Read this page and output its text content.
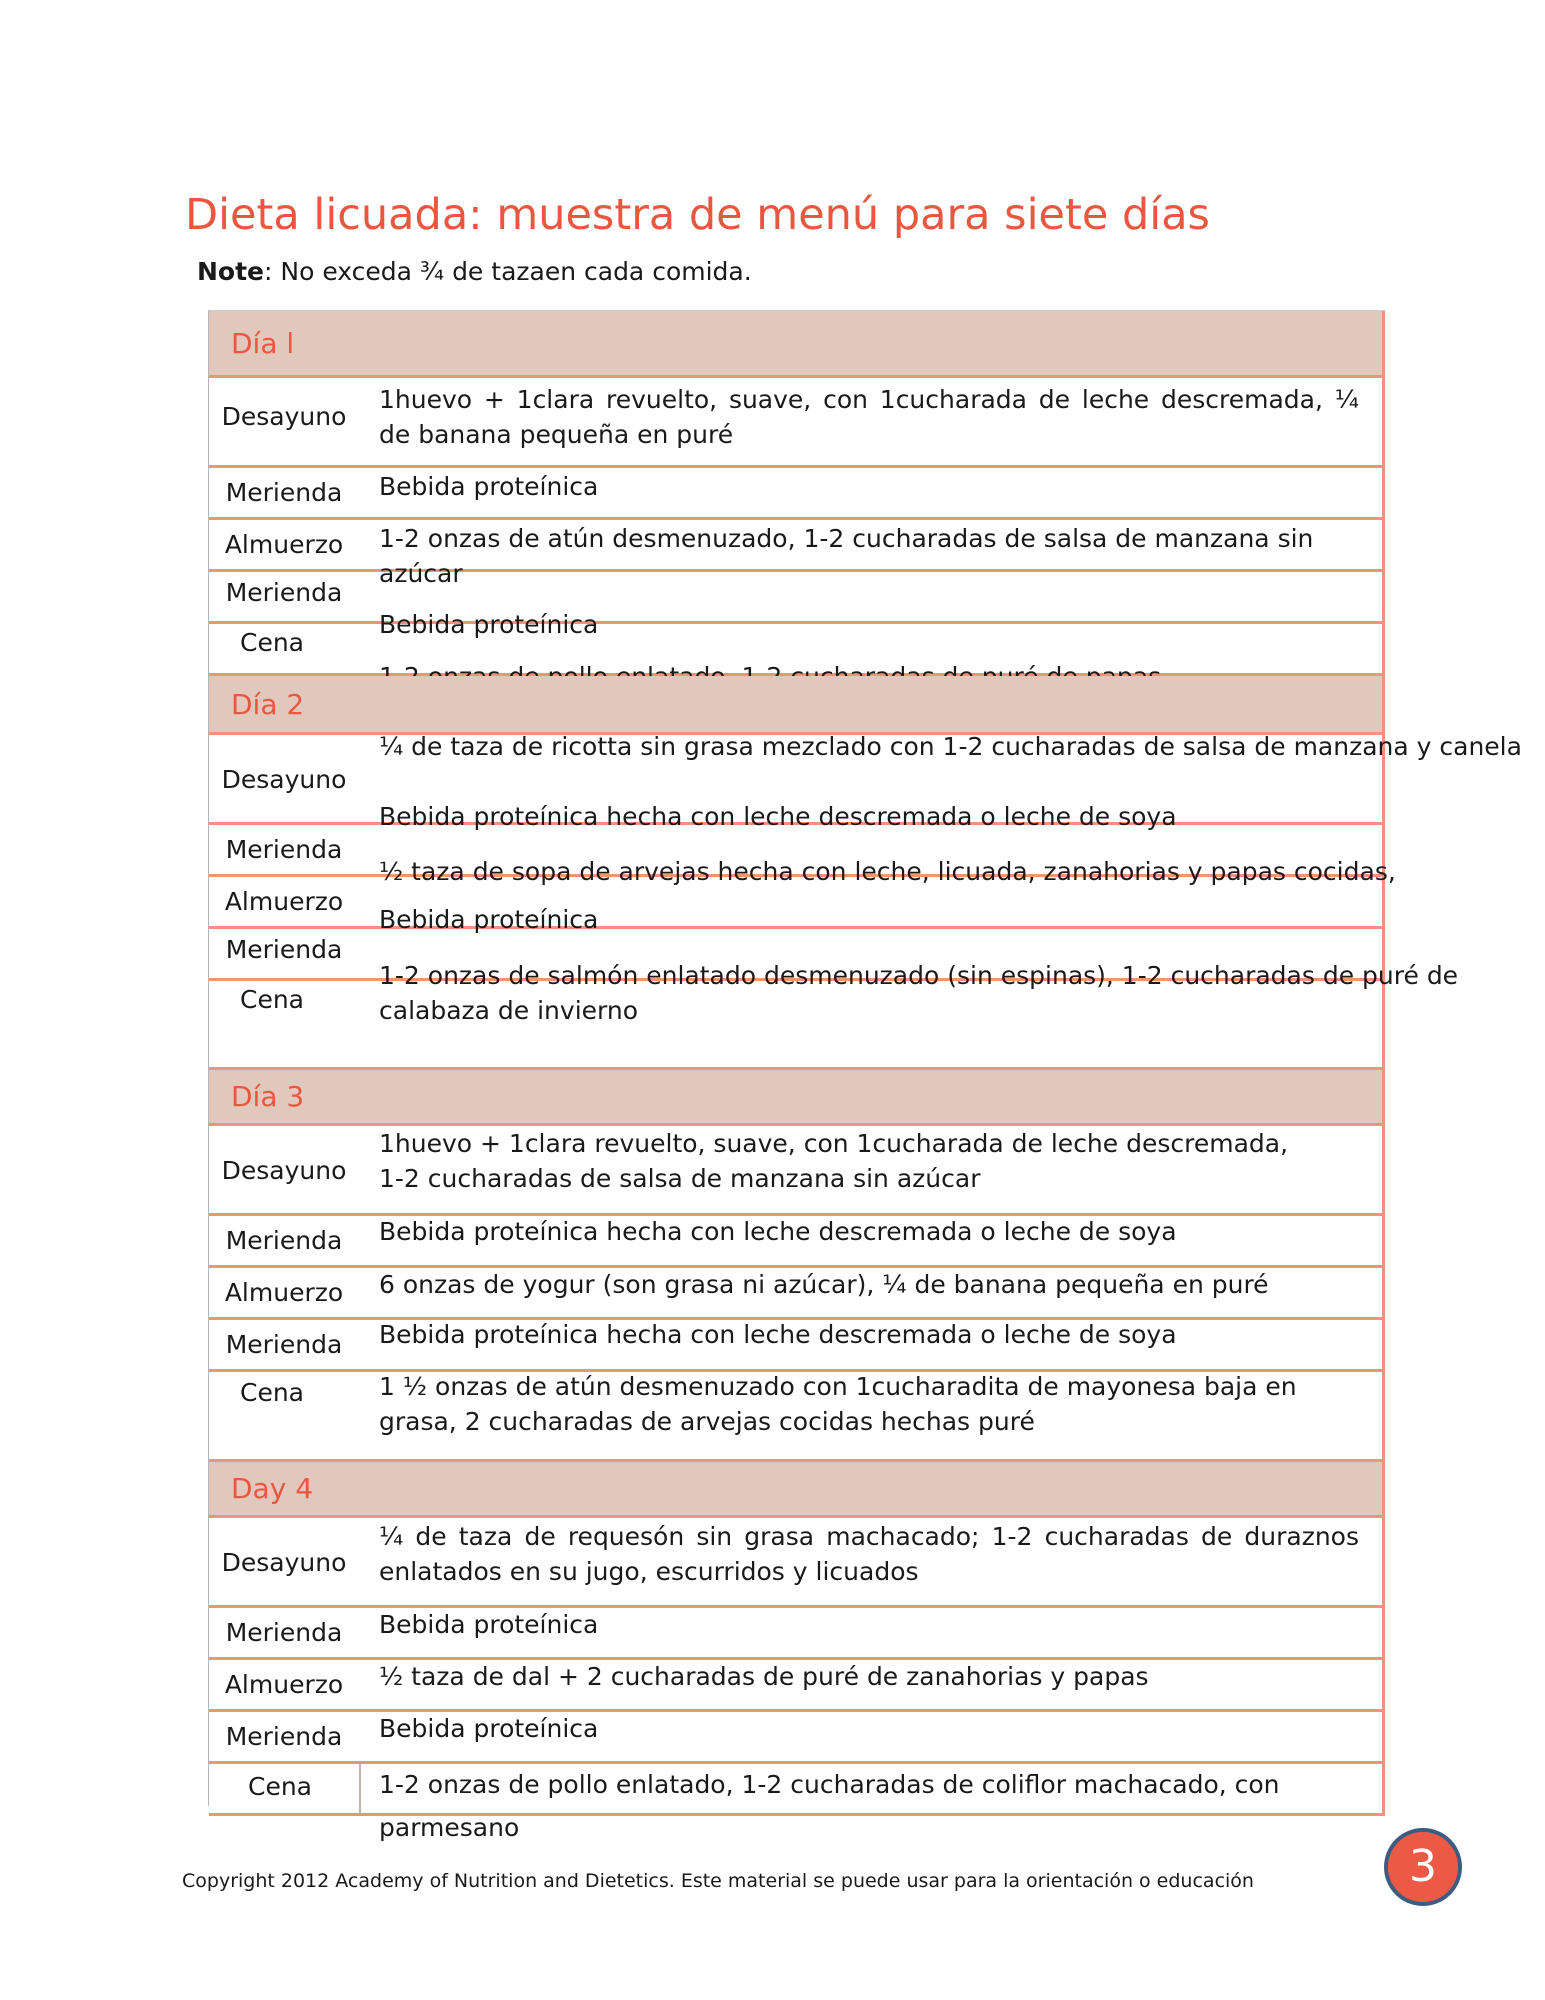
Dieta licuada: muestra de menú para siete días
Note: No exceda ¾ de tazaen cada comida.
Día l
Desayuno
Merienda
Almuerzo
Merienda
Cena
1huevo + 1clara revuelto, suave, con 1cucharada de leche descremada, ¼ de banana pequeña en puré
Bebida proteínica
1-2 onzas de atún desmenuzado, 1-2 cucharadas de salsa de manzana sin azúcar
Bebida proteínica
Día 2
Desayuno
Merienda
Almuerzo
Merienda
Cena
¼ de taza de ricotta sin grasa mezclado con 1-2 cucharadas de salsa de manzana y canela
Bebida proteínica hecha con leche descremada o leche de soya
½ taza de sopa de arvejas hecha con leche, licuada, zanahorias y papas cocidas,
Bebida proteínica
1-2 onzas de salmón enlatado desmenuzado (sin espinas), 1-2 cucharadas de puré de calabaza de invierno
Día 3
Desayuno
Merienda
Almuerzo
Merienda
Cena
1huevo + 1clara revuelto, suave, con 1cucharada de leche descremada, 1-2 cucharadas de salsa de manzana sin azúcar
Bebida proteínica hecha con leche descremada o leche de soya
6 onzas de yogur (son grasa ni azúcar), ¼ de banana pequeña en puré
Bebida proteínica hecha con leche descremada o leche de soya
1 ½ onzas de atún desmenuzado con 1cucharadita de mayonesa baja en grasa, 2 cucharadas de arvejas cocidas hechas puré
Day 4
Desayuno
Merienda
Almuerzo
Merienda
Cena
¼ de taza de requesón sin grasa machacado; 1-2 cucharadas de duraznos enlatados en su jugo, escurridos y licuados
Bebida proteínica
½ taza de dal + 2 cucharadas de puré de zanahorias y papas
Bebida proteínica
1-2 onzas de pollo enlatado, 1-2 cucharadas de coliflor machacado, con parmesano
Copyright 2012 Academy of Nutrition and Dietetics. Este material se puede usar para la orientación o educación	3
